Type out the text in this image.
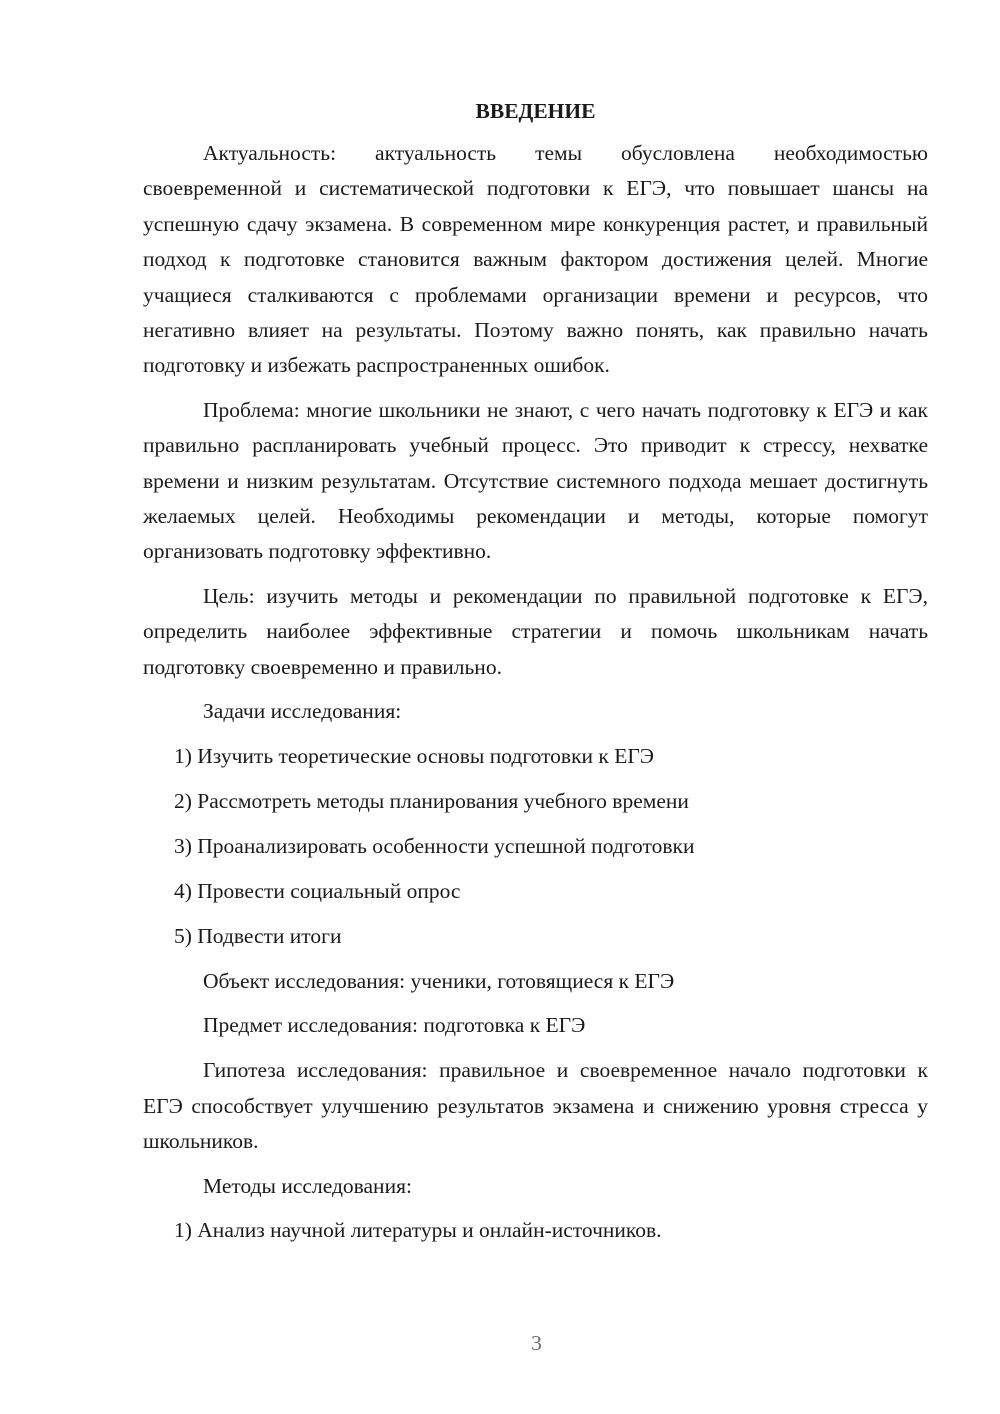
ВВЕДЕНИЕ

Актуальность: актуальность темы обусловлена необходимостью своевременной и систематической подготовки к ЕГЭ, что повышает шансы на успешную сдачу экзамена. В современном мире конкуренция растет, и правильный подход к подготовке становится важным фактором достижения целей. Многие учащиеся сталкиваются с проблемами организации времени и ресурсов, что негативно влияет на результаты. Поэтому важно понять, как правильно начать подготовку и избежать распространенных ошибок.

Проблема: многие школьники не знают, с чего начать подготовку к ЕГЭ и как правильно распланировать учебный процесс. Это приводит к стрессу, нехватке времени и низким результатам. Отсутствие системного подхода мешает достигнуть желаемых целей. Необходимы рекомендации и методы, которые помогут организовать подготовку эффективно.

Цель: изучить методы и рекомендации по правильной подготовке к ЕГЭ, определить наиболее эффективные стратегии и помочь школьникам начать подготовку своевременно и правильно.

Задачи исследования:
1) Изучить теоретические основы подготовки к ЕГЭ
2) Рассмотреть методы планирования учебного времени
3) Проанализировать особенности успешной подготовки
4) Провести социальный опрос
5) Подвести итоги
Объект исследования: ученики, готовящиеся к ЕГЭ
Предмет исследования: подготовка к ЕГЭ

Гипотеза исследования: правильное и своевременное начало подготовки к ЕГЭ способствует улучшению результатов экзамена и снижению уровня стресса у школьников.

Методы исследования:
1) Анализ научной литературы и онлайн-источников.
3
